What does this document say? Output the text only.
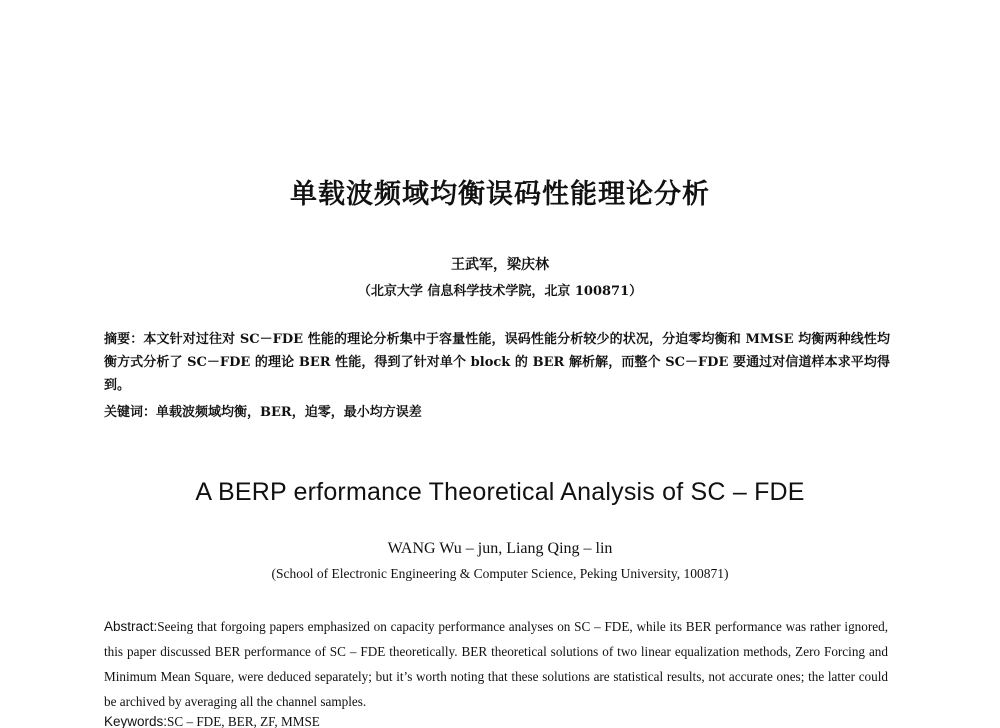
单载波频域均衡误码性能理论分析
王武军，梁庆林
（北京大学 信息科学技术学院，北京 100871）
摘要：本文针对过往对 SC－FDE 性能的理论分析集中于容量性能，误码性能分析较少的状况，分迫零均衡和 MMSE 均衡两种线性均衡方式分析了 SC－FDE 的理论 BER 性能，得到了针对单个 block 的 BER 解析解，而整个 SC－FDE 要通过对信道样本求平均得到。
关键词：单载波频域均衡，BER，迫零，最小均方误差
A BERP erformance Theoretical Analysis of SC – FDE
WANG Wu – jun, Liang Qing – lin
(School of Electronic Engineering & Computer Science, Peking University, 100871)
Abstract:Seeing that forgoing papers emphasized on capacity performance analyses on SC – FDE, while its BER performance was rather ignored, this paper discussed BER performance of SC – FDE theoretically. BER theoretical solutions of two linear equalization methods, Zero Forcing and Minimum Mean Square, were deduced separately; but it’s worth noting that these solutions are statistical results, not accurate ones; the latter could be archived by averaging all the channel samples.
Keywords:SC – FDE, BER, ZF, MMSE
